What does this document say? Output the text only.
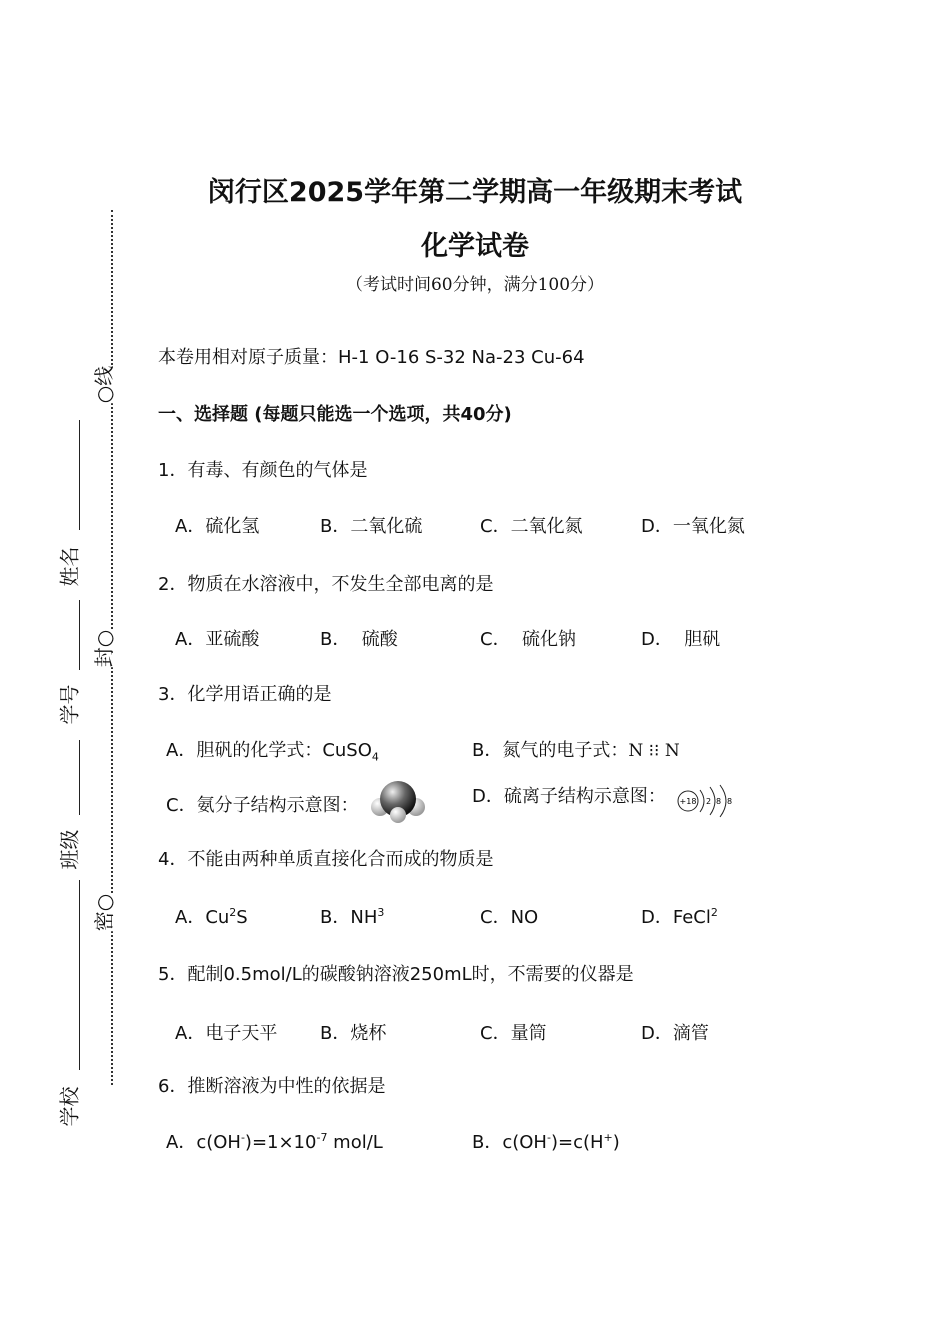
○线
封○
密○
姓名
学号
班级
学校
闵行区2025学年第二学期高一年级期末考试
化学试卷
（考试时间60分钟，满分100分）
本卷用相对原子质量：H-1 O-16 S-32 Na-23 Cu-64
一、选择题 (每题只能选一个选项，共40分)
1．有毒、有颜色的气体是
A．硫化氢	B．二氧化硫	C．二氧化氮	D．一氧化氮
2．物质在水溶液中，不发生全部电离的是
A．亚硫酸	B．  硫酸	C．  硫化钠	D．  胆矾
3．化学用语正确的是
A．胆矾的化学式：CuSO$_4$	B．氮气的电子式：N ⁝⁝ N
C．氨分子结构示意图：	D．硫离子结构示意图： +18 2 8 8
4．不能由两种单质直接化合而成的物质是
A．Cu$^2$S	B．$NH^3$	C．NO	D．FeCl$^2$
5．配制0.5mol/L的碳酸钠溶液250mL时，不需要的仪器是
A．电子天平 B．烧杯	C．量筒	D．滴管
6．推断溶液为中性的依据是
A．$c(OH^-)=1\times 10^{-7}$ mol/L	B．c(OH-)=c(H+)
